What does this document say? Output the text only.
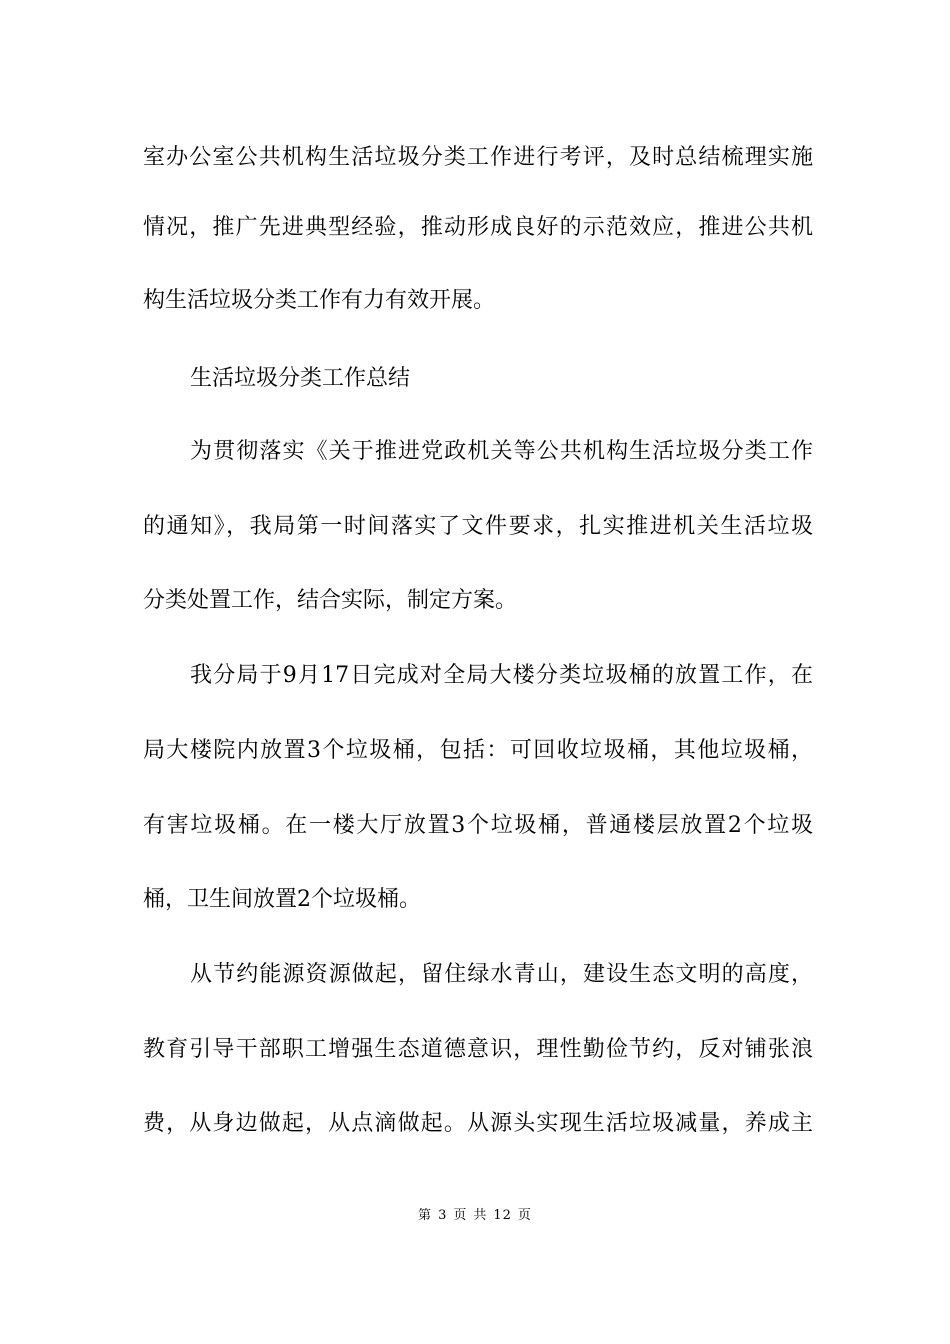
室办公室公共机构生活垃圾分类工作进行考评，及时总结梳理实施
情况，推广先进典型经验，推动形成良好的示范效应，推进公共机
构生活垃圾分类工作有力有效开展。
生活垃圾分类工作总结
为贯彻落实《关于推进党政机关等公共机构生活垃圾分类工作
的通知》，我局第一时间落实了文件要求，扎实推进机关生活垃圾
分类处置工作，结合实际，制定方案。
我分局于9月17日完成对全局大楼分类垃圾桶的放置工作，在
局大楼院内放置3个垃圾桶，包括：可回收垃圾桶，其他垃圾桶，
有害垃圾桶。在一楼大厅放置3个垃圾桶，普通楼层放置2个垃圾
桶，卫生间放置2个垃圾桶。
从节约能源资源做起，留住绿水青山，建设生态文明的高度，
教育引导干部职工增强生态道德意识，理性勤俭节约，反对铺张浪
费，从身边做起，从点滴做起。从源头实现生活垃圾减量，养成主
第 3 页 共 12 页
